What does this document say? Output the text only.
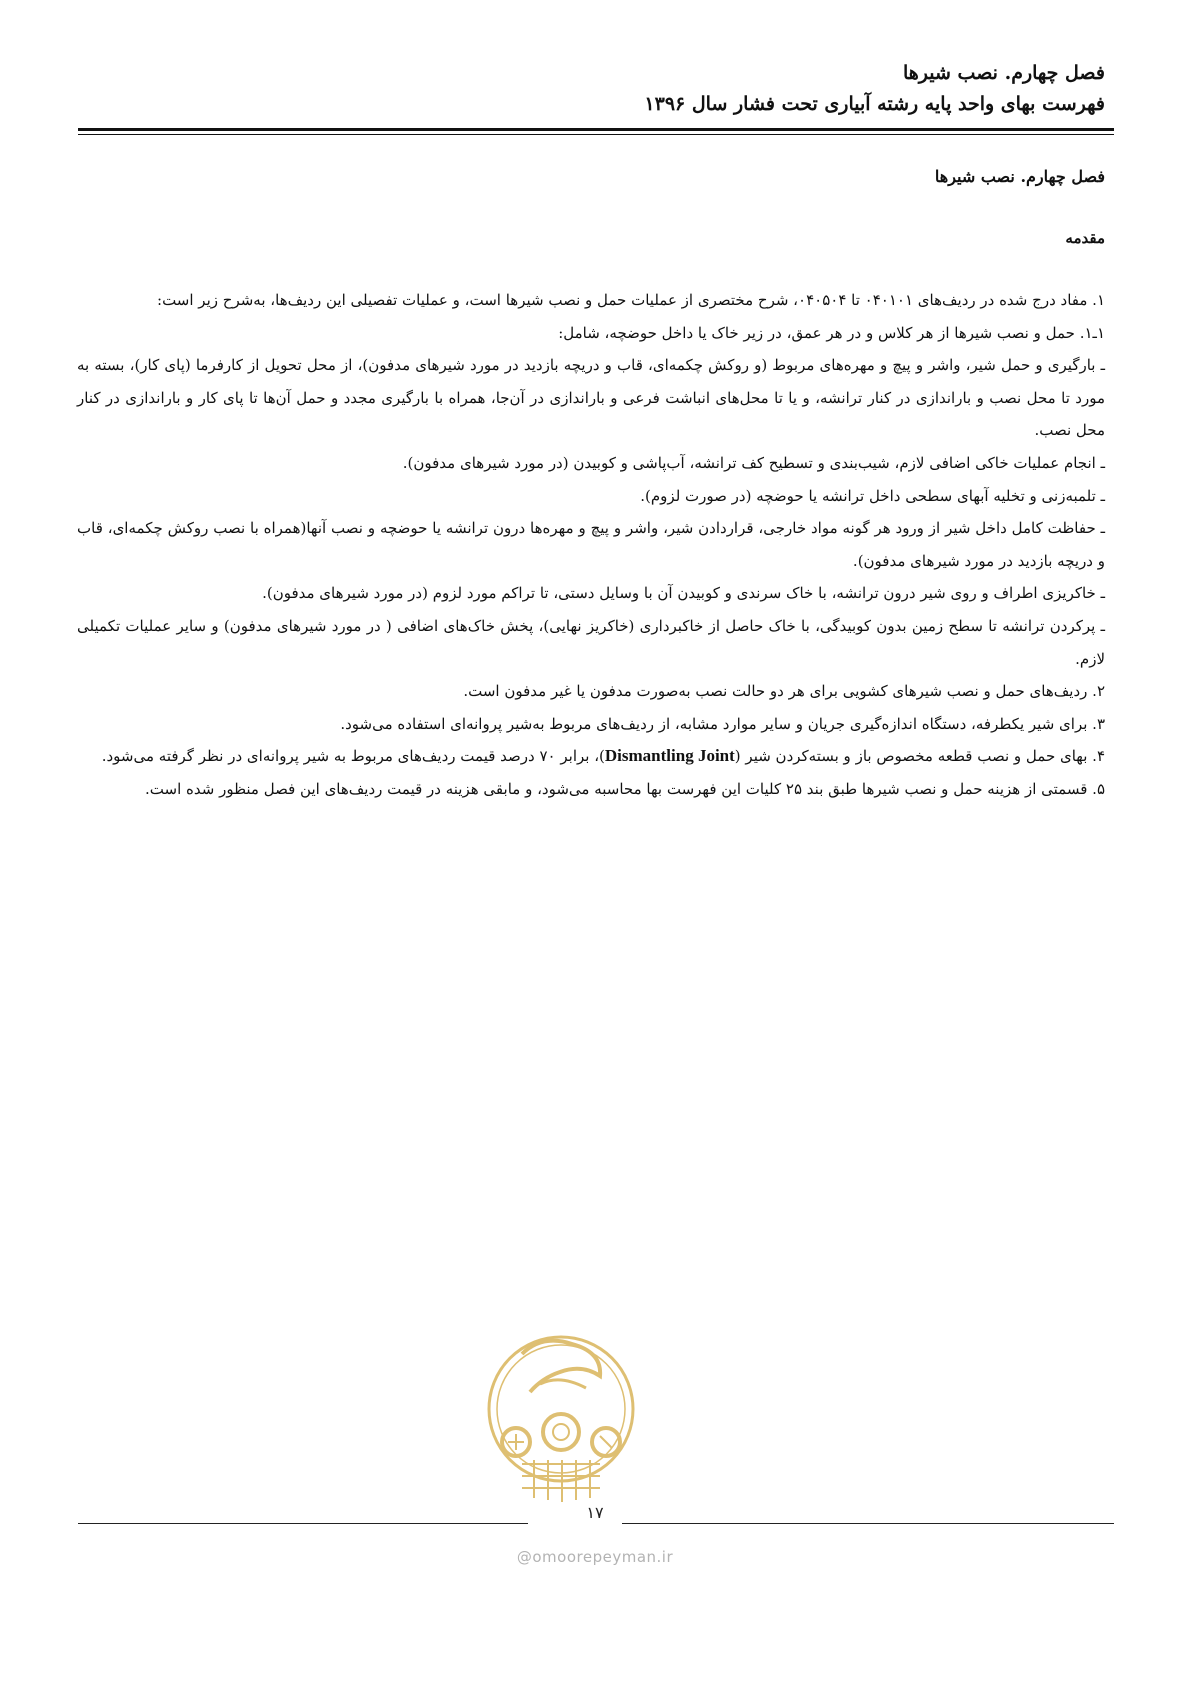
فصل چهارم. نصب شیرها
فهرست بهای واحد پایه رشته آبیاری تحت فشار سال ۱۳۹۶
فصل چهارم. نصب شیرها
مقدمه

۱. مفاد درج شده در ردیف‌های ۰۴۰۱۰۱ تا ۰۴۰۵۰۴، شرح مختصری از عملیات حمل و نصب شیرها است، و عملیات تفصیلی این ردیف‌ها، به‌شرح زیر است:

۱ـ۱. حمل و نصب شیرها از هر کلاس و در هر عمق، در زیر خاک یا داخل حوضچه، شامل:

ـ بارگیری و حمل شیر، واشر و پیچ و مهره‌های مربوط (و روکش چکمه‌ای، قاب و دریچه بازدید در مورد شیرهای مدفون)، از محل تحویل از کارفرما (پای کار)، بسته به مورد تا محل نصب و باراندازی در کنار ترانشه، و یا تا محل‌های انباشت فرعی و باراندازی در آن‌جا، همراه با بارگیری مجدد و حمل آن‌ها تا پای کار و باراندازی در کنار محل نصب.

ـ انجام عملیات خاکی اضافی لازم، شیب‌بندی و تسطیح کف ترانشه، آب‌پاشی و کوبیدن (در مورد شیرهای مدفون).

ـ تلمبه‌زنی و تخلیه آبهای سطحی داخل ترانشه یا حوضچه (در صورت لزوم).

ـ حفاظت کامل داخل شیر از ورود هر گونه مواد خارجی، قراردادن شیر، واشر و پیچ و مهره‌ها درون ترانشه یا حوضچه و نصب آنها(همراه با نصب روکش چکمه‌ای، قاب و دریچه بازدید در مورد شیرهای مدفون).

ـ خاکریزی اطراف و روی شیر درون ترانشه، با خاک سرندی و کوبیدن آن با وسایل دستی، تا تراکم مورد لزوم (در مورد شیرهای مدفون).

ـ پرکردن ترانشه تا سطح زمین بدون کوبیدگی، با خاک حاصل از خاکبرداری (خاکریز نهایی)، پخش خاک‌های اضافی ( در مورد شیرهای مدفون) و سایر عملیات تکمیلی لازم.

۲. ردیف‌های حمل و نصب شیرهای کشویی برای هر دو حالت نصب به‌صورت مدفون یا غیر مدفون است.

۳. برای شیر یکطرفه، دستگاه اندازه‌گیری جریان و سایر موارد مشابه، از ردیف‌های مربوط به‌شیر پروانه‌ای استفاده می‌شود.

۴. بهای حمل و نصب قطعه مخصوص باز و بسته‌کردن شیر (Dismantling Joint)، برابر ۷۰ درصد قیمت ردیف‌های مربوط به شیر پروانه‌ای در نظر گرفته می‌شود.

۵. قسمتی از هزینه حمل و نصب شیرها طبق بند ۲۵ کلیات این فهرست بها محاسبه می‌شود، و مابقی هزینه در قیمت ردیف‌های این فصل منظور شده است.

۱۷
@omoorepeyman.ir
